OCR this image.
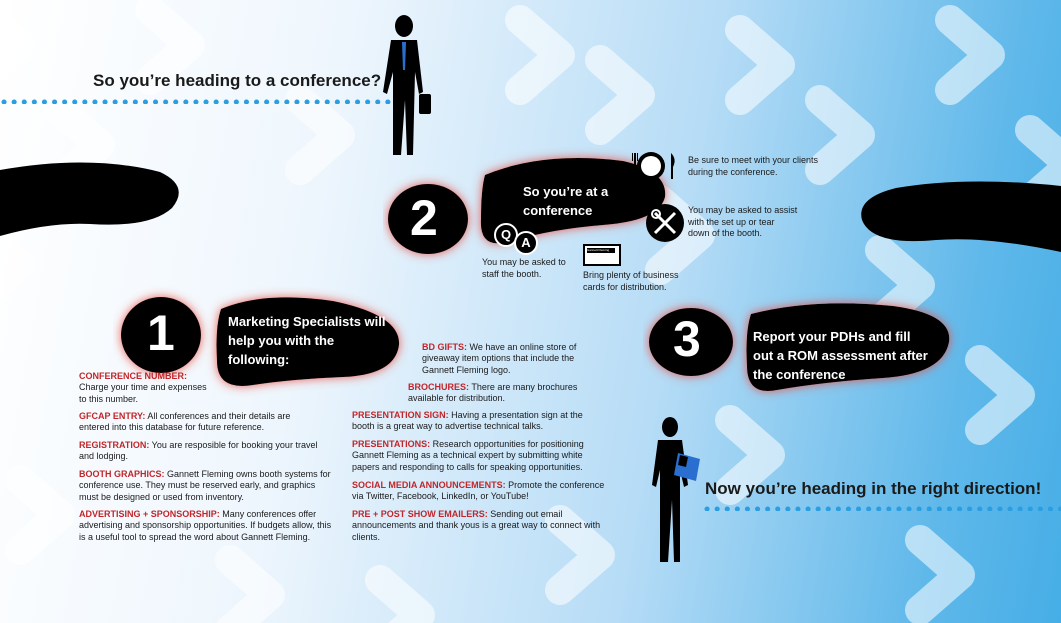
So you’re heading to a conference?
2	So you’re at a conference
1	Marketing Specialists will help you with the following:	3	Report your PDHs and fill out a ROM assessment after the conference
Be sure to meet with your clients during the conference.
You may be asked to assist with the set up or tear down of the booth.
Q
A
You may be asked to staff the booth.
Gannett Fleming
Bring plenty of business cards for distribution.
CONFERENCE NUMBER: Charge your time and expenses to this number.
GFCAP ENTRY: All conferences and their details are entered into this database for future reference.
REGISTRATION: You are resposible for booking your travel and lodging.
BOOTH GRAPHICS: Gannett Fleming owns booth systems for conference use. They must be reserved early, and graphics must be designed or used from inventory.
ADVERTISING + SPONSORSHIP: Many conferences offer advertising and sponsorship opportunities. If budgets allow, this is a useful tool to spread the word about Gannett Fleming.
BD GIFTS: We have an online store of giveaway item options that include the Gannett Fleming logo.
BROCHURES: There are many brochures available for distribution.
PRESENTATION SIGN: Having a presentation sign at the booth is a great way to advertise technical talks.
PRESENTATIONS: Research opportunities for positioning Gannett Fleming as a technical expert by submitting white papers and responding to calls for speaking opportunities.
SOCIAL MEDIA ANNOUNCEMENTS: Promote the conference via Twitter, Facebook, LinkedIn, or YouTube!
PRE + POST SHOW EMAILERS: Sending out email announcements and thank yous is a great way to connect with clients.
Now you’re heading in the right direction!
